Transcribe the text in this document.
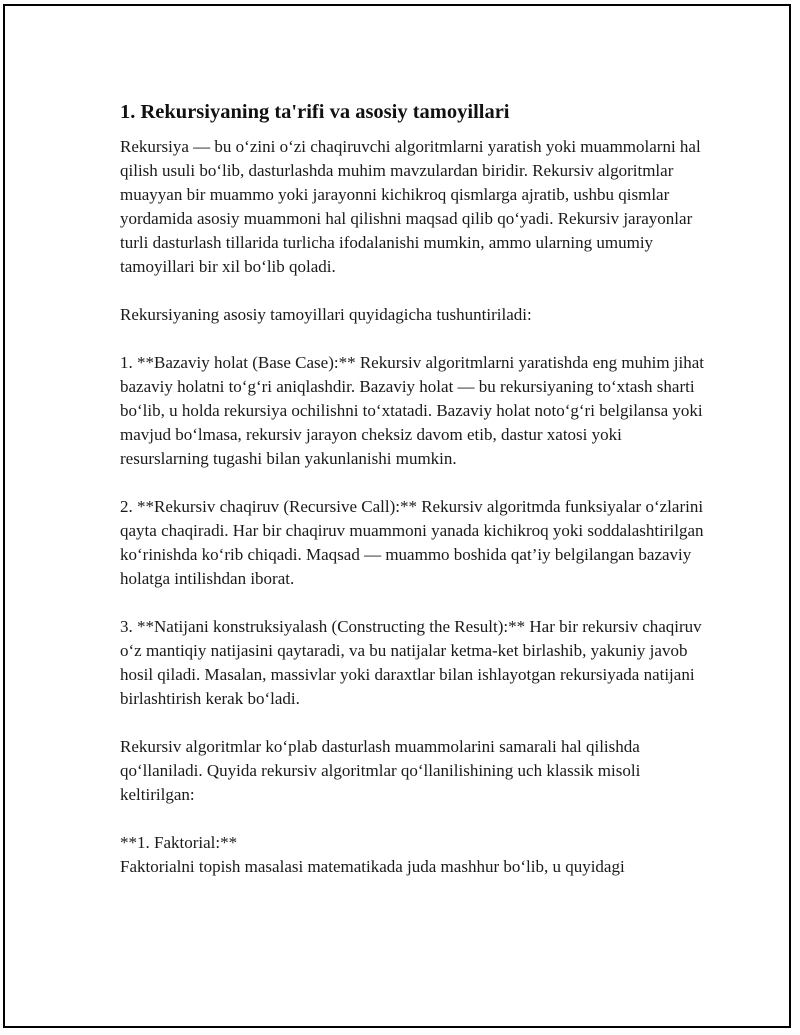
1. Rekursiyaning ta'rifi va asosiy tamoyillari

Rekursiya — bu o‘zini o‘zi chaqiruvchi algoritmlarni yaratish yoki muammolarni hal qilish usuli bo‘lib, dasturlashda muhim mavzulardan biridir. Rekursiv algoritmlar muayyan bir muammo yoki jarayonni kichikroq qismlarga ajratib, ushbu qismlar yordamida asosiy muammoni hal qilishni maqsad qilib qo‘yadi. Rekursiv jarayonlar turli dasturlash tillarida turlicha ifodalanishi mumkin, ammo ularning umumiy tamoyillari bir xil bo‘lib qoladi.

Rekursiyaning asosiy tamoyillari quyidagicha tushuntiriladi:

1. **Bazaviy holat (Base Case):** Rekursiv algoritmlarni yaratishda eng muhim jihat bazaviy holatni to‘g‘ri aniqlashdir. Bazaviy holat — bu rekursiyaning to‘xtash sharti bo‘lib, u holda rekursiya ochilishni to‘xtatadi. Bazaviy holat noto‘g‘ri belgilansa yoki mavjud bo‘lmasa, rekursiv jarayon cheksiz davom etib, dastur xatosi yoki resurslarning tugashi bilan yakunlanishi mumkin.

2. **Rekursiv chaqiruv (Recursive Call):** Rekursiv algoritmda funksiyalar o‘zlarini qayta chaqiradi. Har bir chaqiruv muammoni yanada kichikroq yoki soddalashtirilgan ko‘rinishda ko‘rib chiqadi. Maqsad — muammo boshida qat’iy belgilangan bazaviy holatga intilishdan iborat.

3. **Natijani konstruksiyalash (Constructing the Result):** Har bir rekursiv chaqiruv o‘z mantiqiy natijasini qaytaradi, va bu natijalar ketma-ket birlashib, yakuniy javob hosil qiladi. Masalan, massivlar yoki daraxtlar bilan ishlayotgan rekursiyada natijani birlashtirish kerak bo‘ladi.

Rekursiv algoritmlar ko‘plab dasturlash muammolarini samarali hal qilishda qo‘llaniladi. Quyida rekursiv algoritmlar qo‘llanilishining uch klassik misoli keltirilgan:

**1. Faktorial:**

Faktorialni topish masalasi matematikada juda mashhur bo‘lib, u quyidagi
